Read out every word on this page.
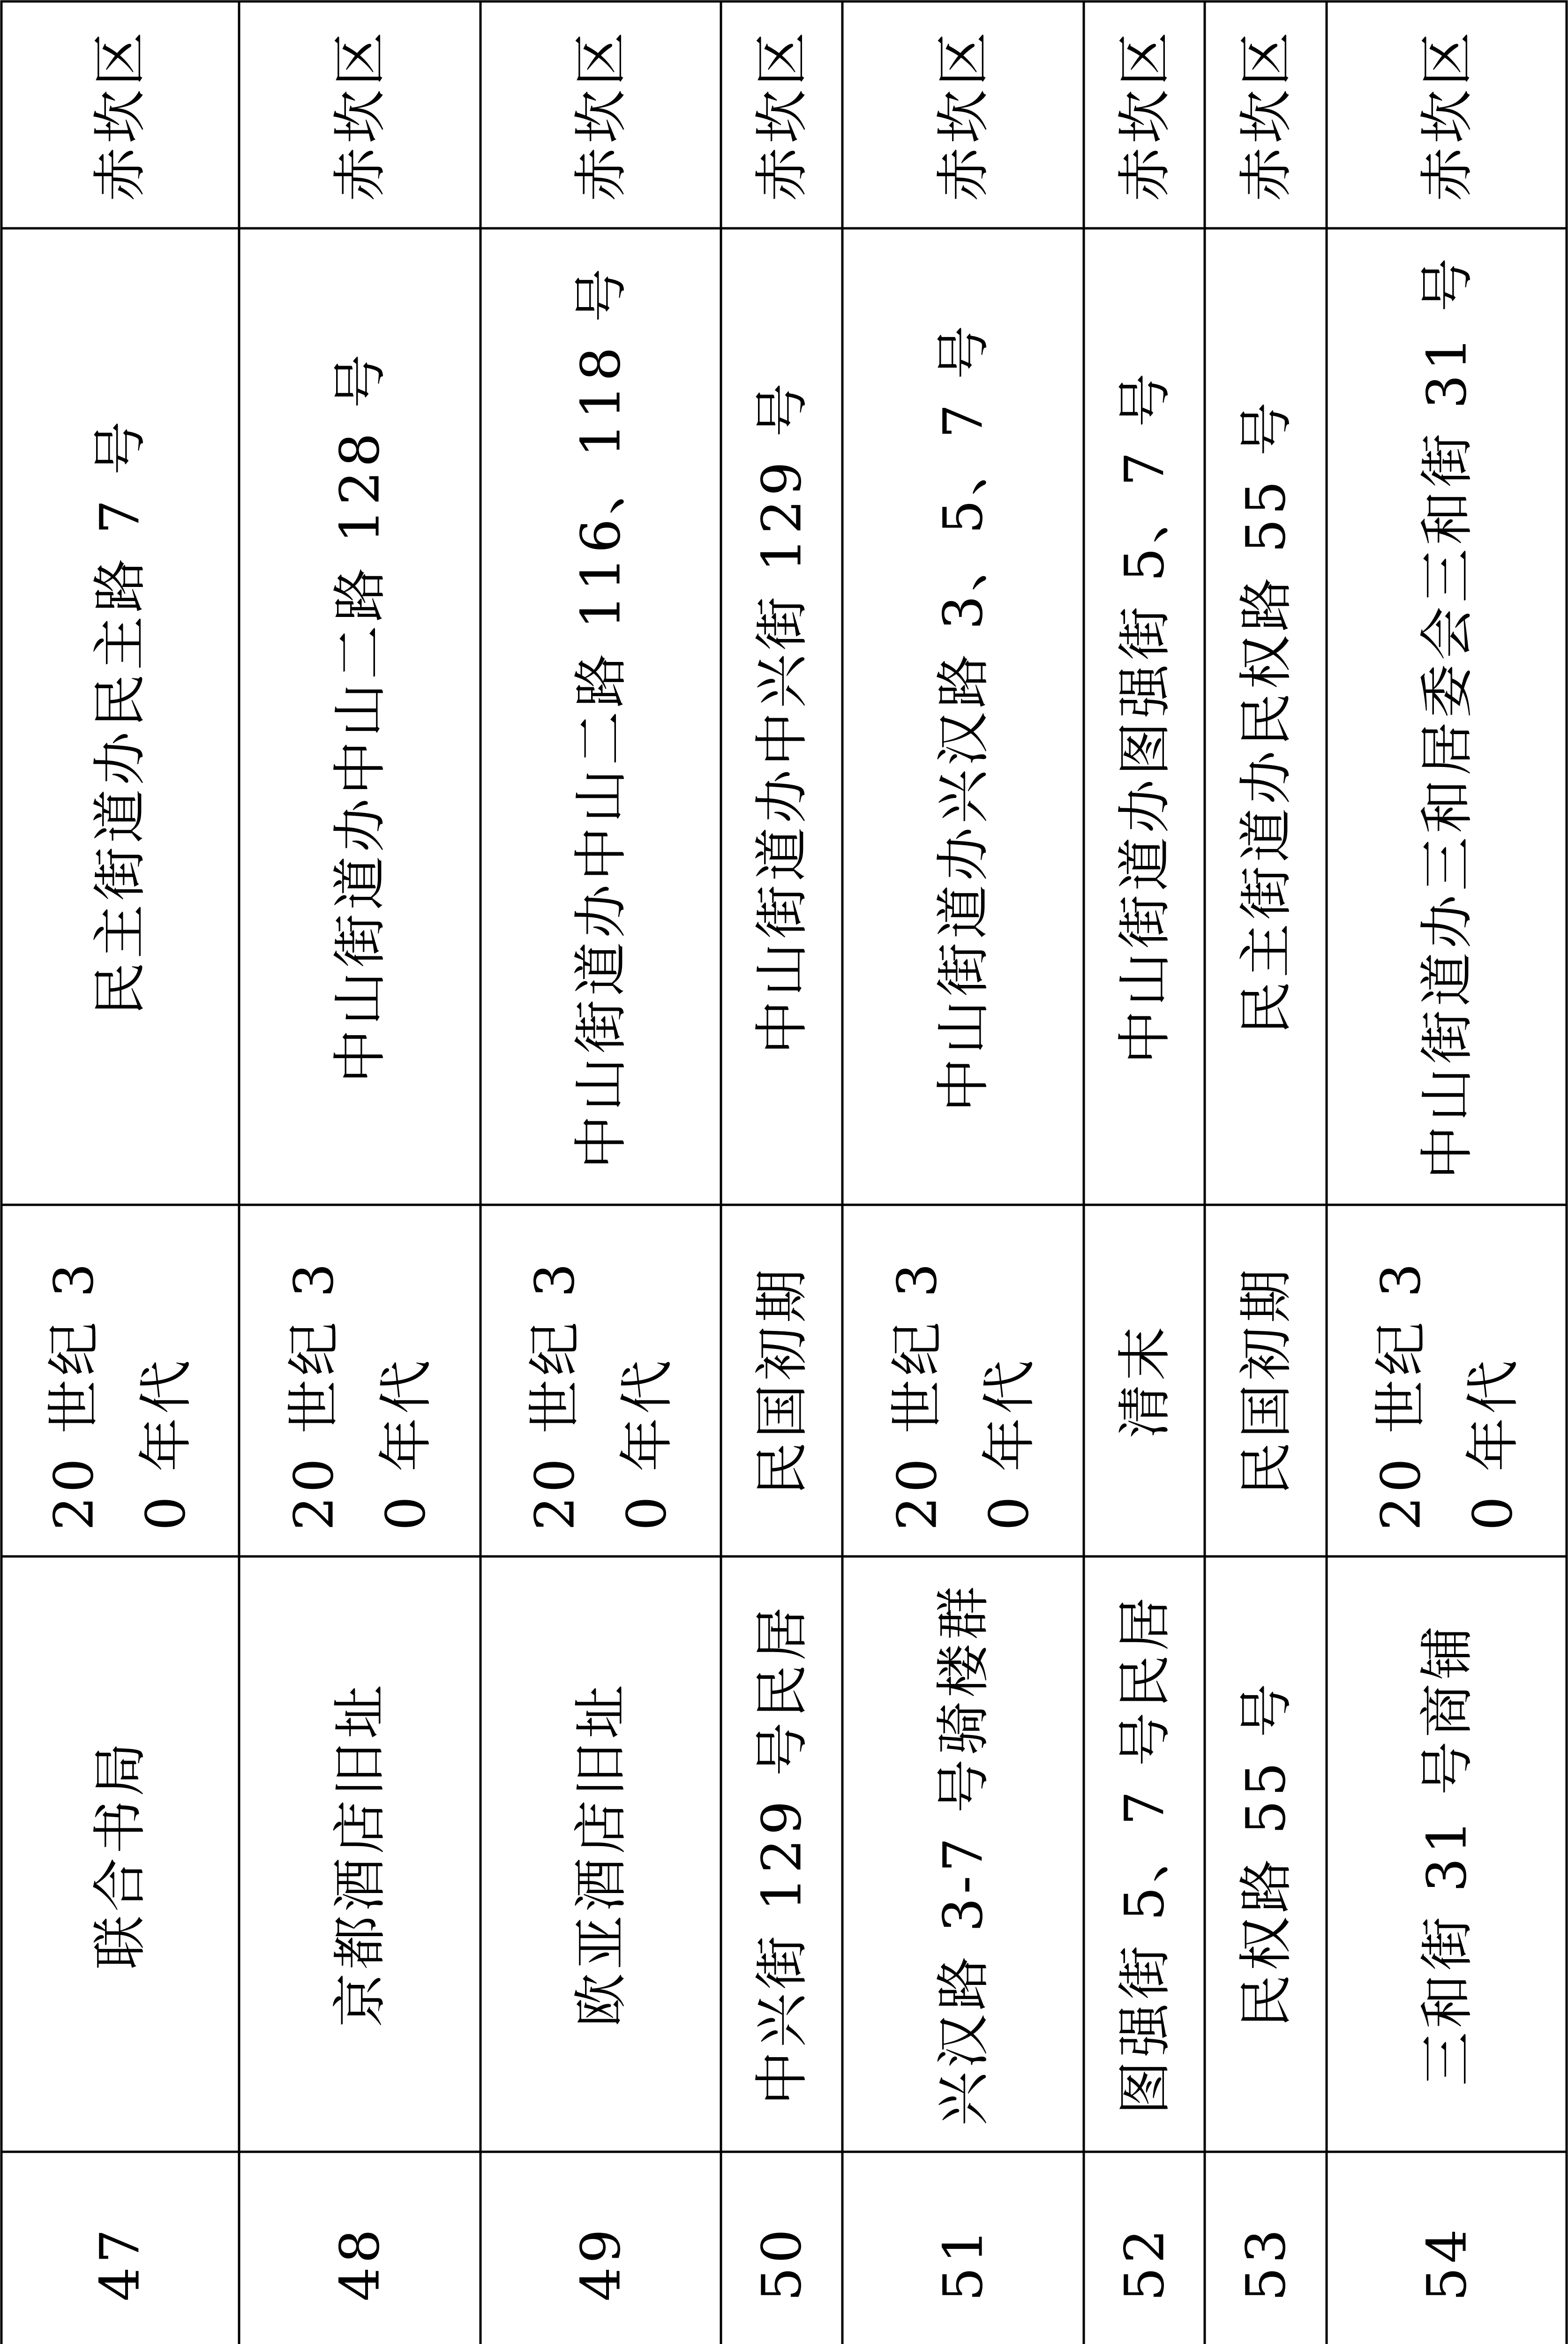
赤坎区
民主街道办民主路 7 号
20 世纪 30 年代
联合书局
47
赤坎区
中山街道办中山二路 128 号
20 世纪 30 年代
京都酒店旧址
48
赤坎区
中山街道办中山二路 116、118 号
20 世纪 30 年代
欧亚酒店旧址
49
赤坎区
中山街道办中兴街 129 号
民国初期
中兴街 129 号民居
50
赤坎区
中山街道办兴汉路 3、5、7 号
20 世纪 30 年代
兴汉路 3-7 号骑楼群
51
赤坎区
中山街道办图强街 5、7 号
清末
图强街 5、7 号民居
52
赤坎区
民主街道办民权路 55 号
民国初期
民权路 55 号
53
赤坎区
中山街道办三和居委会三和街 31 号
20 世纪 30 年代
三和街 31 号商铺
54
